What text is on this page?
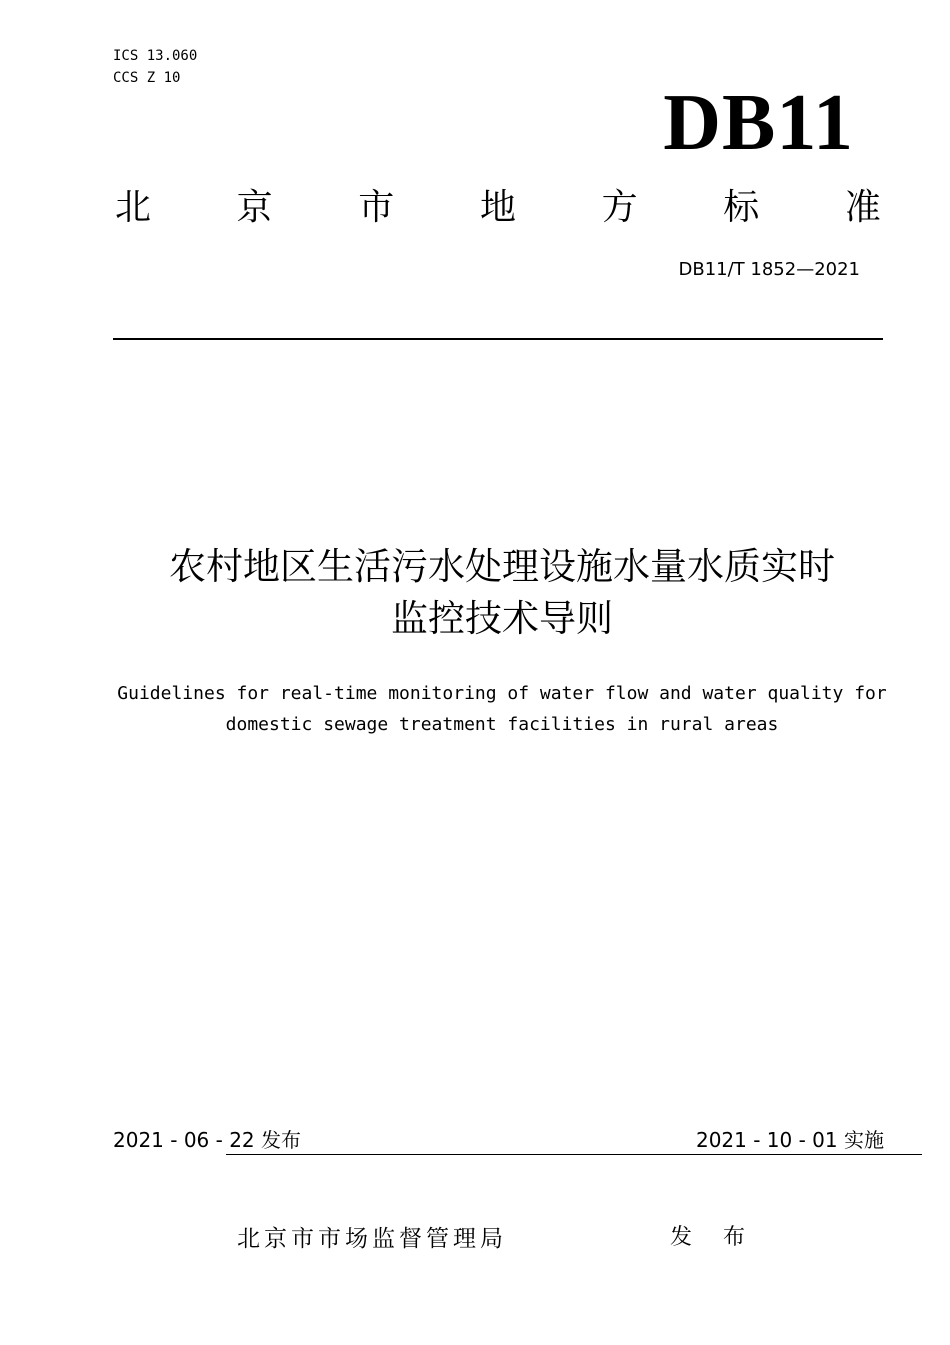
ICS 13.060
CCS Z 10
DB11
北 京 市 地 方 标 准
DB11/T 1852—2021
农村地区生活污水处理设施水量水质实时
监控技术导则
Guidelines for real-time monitoring of water flow and water quality for
domestic sewage treatment facilities in rural areas
2021 - 06 - 22 发布	2021 - 10 - 01 实施
北京市市场监督管理局	发 布
